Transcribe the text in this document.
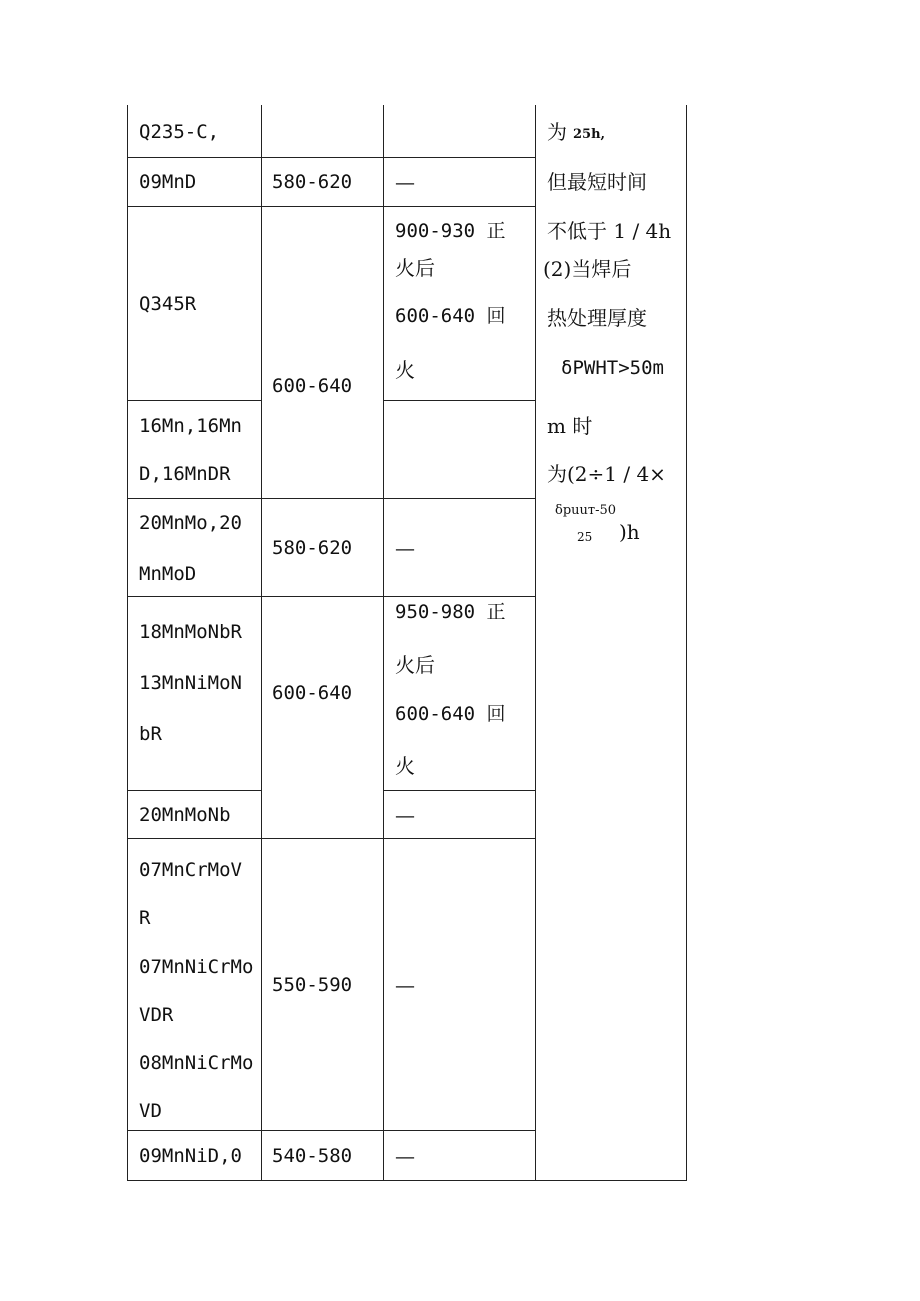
Q235-C,
09MnD	580-620 —
Q345R
900-930 正
火后
600-640 回
火
600-640
16Mn,16Mn
D,16MnDR
20MnMo,20
MnMoD
580-620 —
18MnMoNbR
13MnNiMoN
bR
950-980 正
火后
600-640 回
火
600-640
20MnMoNb	—
07MnCrMoV
R
07MnNiCrMo
VDR
08MnNiCrMo
VD
550-590 —
09MnNiD,0 540-580 —
为 25h,
但最短时间
不低于 1 / 4h
(2)当焊后
热处理厚度
δPWHT>50m
m 时
为(2÷1 / 4×
δpuuт-50
25 )h
